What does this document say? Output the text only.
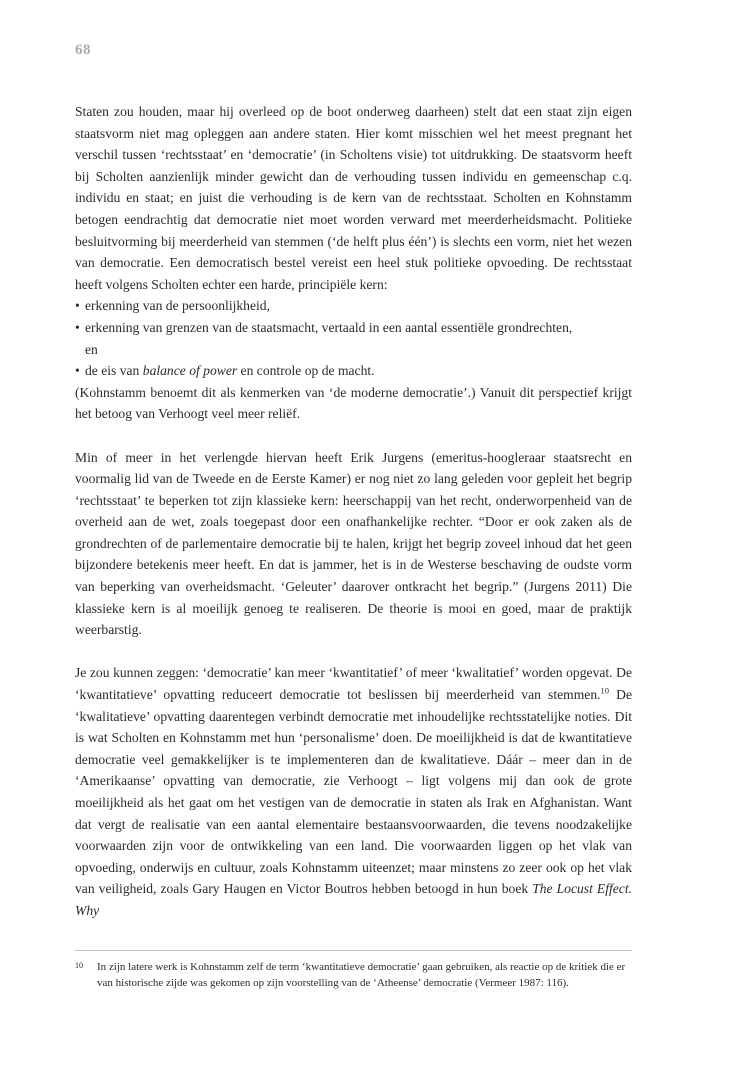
68

Staten zou houden, maar hij overleed op de boot onderweg daarheen) stelt dat een staat zijn eigen staatsvorm niet mag opleggen aan andere staten. Hier komt misschien wel het meest pregnant het verschil tussen ‘rechtsstaat’ en ‘democratie’ (in Scholtens visie) tot uitdrukking. De staatsvorm heeft bij Scholten aanzienlijk minder gewicht dan de verhouding tussen individu en gemeenschap c.q. individu en staat; en juist die verhouding is de kern van de rechtsstaat. Scholten en Kohnstamm betogen eendrachtig dat democratie niet moet worden verward met meerderheidsmacht. Politieke besluitvorming bij meerderheid van stemmen (‘de helft plus één’) is slechts een vorm, niet het wezen van democratie. Een democratisch bestel vereist een heel stuk politieke opvoeding. De rechtsstaat heeft volgens Scholten echter een harde, principiële kern:

• erkenning van de persoonlijkheid,
• erkenning van grenzen van de staatsmacht, vertaald in een aantal essentiële grondrechten,
en
• de eis van balance of power en controle op de macht.

(Kohnstamm benoemt dit als kenmerken van ‘de moderne democratie’.) Vanuit dit perspectief krijgt het betoog van Verhoogt veel meer reliëf.

Min of meer in het verlengde hiervan heeft Erik Jurgens (emeritus-hoogleraar staatsrecht en voormalig lid van de Tweede en de Eerste Kamer) er nog niet zo lang geleden voor gepleit het begrip ‘rechtsstaat’ te beperken tot zijn klassieke kern: heerschappij van het recht, onderworpenheid van de overheid aan de wet, zoals toegepast door een onafhankelijke rechter. “Door er ook zaken als de grondrechten of de parlementaire democratie bij te halen, krijgt het begrip zoveel inhoud dat het geen bijzondere betekenis meer heeft. En dat is jammer, het is in de Westerse beschaving de oudste vorm van beperking van overheidsmacht. ‘Geleuter’ daarover ontkracht het begrip.” (Jurgens 2011) Die klassieke kern is al moeilijk genoeg te realiseren. De theorie is mooi en goed, maar de praktijk weerbarstig.

Je zou kunnen zeggen: ‘democratie’ kan meer ‘kwantitatief’ of meer ‘kwalitatief’ worden opgevat. De ‘kwantitatieve’ opvatting reduceert democratie tot beslissen bij meerderheid van stemmen.$^{10}$ De ‘kwalitatieve’ opvatting daarentegen verbindt democratie met inhoudelijke rechtsstatelijke noties. Dit is wat Scholten en Kohnstamm met hun ‘personalisme’ doen. De moeilijkheid is dat de kwantitatieve democratie veel gemakkelijker is te implementeren dan de kwalitatieve. Dáár – meer dan in de ‘Amerikaanse’ opvatting van democratie, zie Verhoogt – ligt volgens mij dan ook de grote moeilijkheid als het gaat om het vestigen van de democratie in staten als Irak en Afghanistan. Want dat vergt de realisatie van een aantal elementaire bestaansvoorwaarden, die tevens noodzakelijke voorwaarden zijn voor de ontwikkeling van een land. Die voorwaarden liggen op het vlak van opvoeding, onderwijs en cultuur, zoals Kohnstamm uiteenzet; maar minstens zo zeer ook op het vlak van veiligheid, zoals Gary Haugen en Victor Boutros hebben betoogd in hun boek The Locust Effect. Why

10 In zijn latere werk is Kohnstamm zelf de term ‘kwantitatieve democratie’ gaan gebruiken, als reactie op de kritiek die er van historische zijde was gekomen op zijn voorstelling van de ‘Atheense’ democratie (Vermeer 1987: 116).
